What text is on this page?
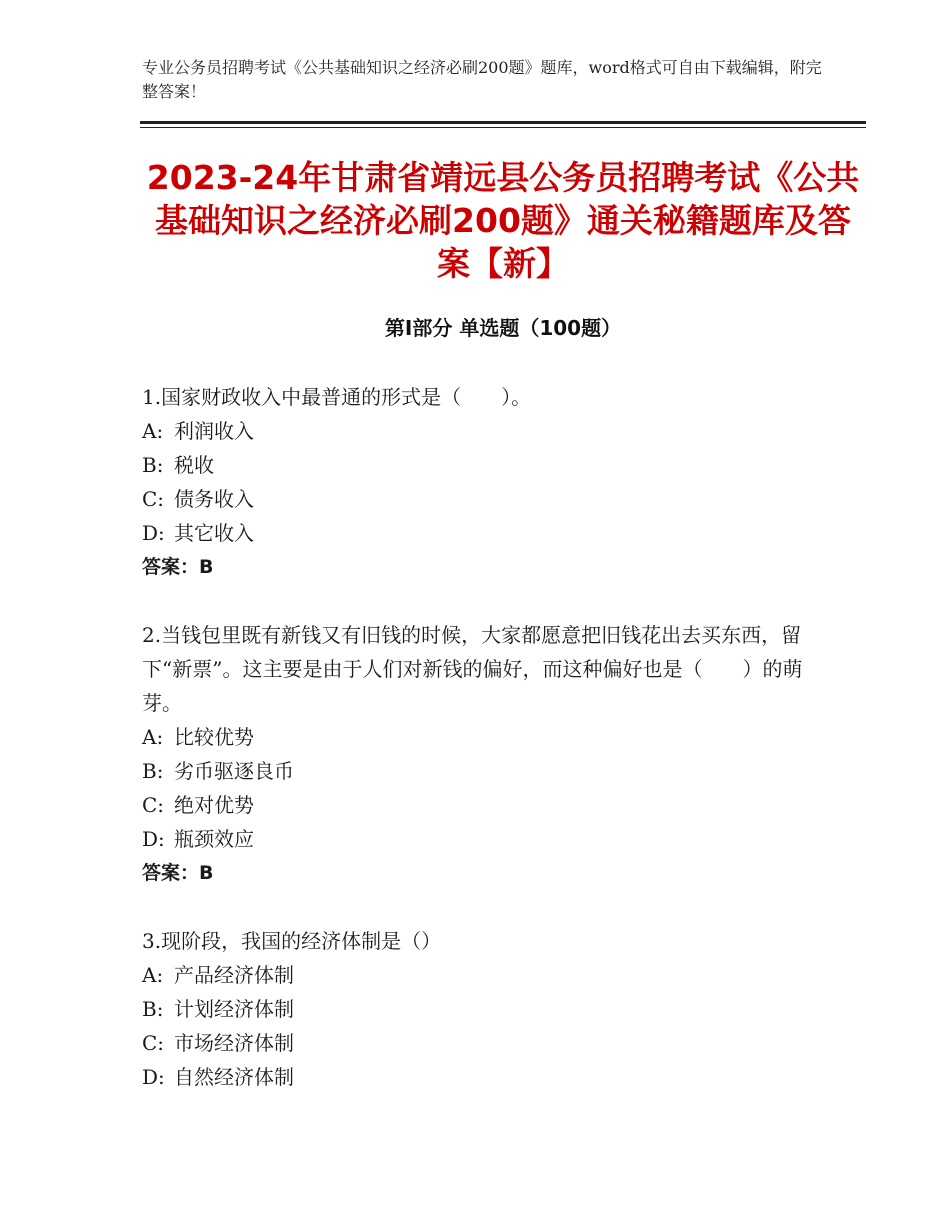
专业公务员招聘考试《公共基础知识之经济必刷200题》题库，word格式可自由下载编辑，附完整答案！
2023-24年甘肃省靖远县公务员招聘考试《公共基础知识之经济必刷200题》通关秘籍题库及答案【新】
第Ⅰ部分 单选题（100题）

1.国家财政收入中最普通的形式是（　　）。

A: 利润收入

B: 税收

C: 债务收入

D: 其它收入

答案：B

2.当钱包里既有新钱又有旧钱的时候，大家都愿意把旧钱花出去买东西，留下“新票”。这主要是由于人们对新钱的偏好，而这种偏好也是（　　）的萌芽。

A: 比较优势

B: 劣币驱逐良币

C: 绝对优势

D: 瓶颈效应

答案：B

3.现阶段，我国的经济体制是（）

A: 产品经济体制

B: 计划经济体制

C: 市场经济体制

D: 自然经济体制
